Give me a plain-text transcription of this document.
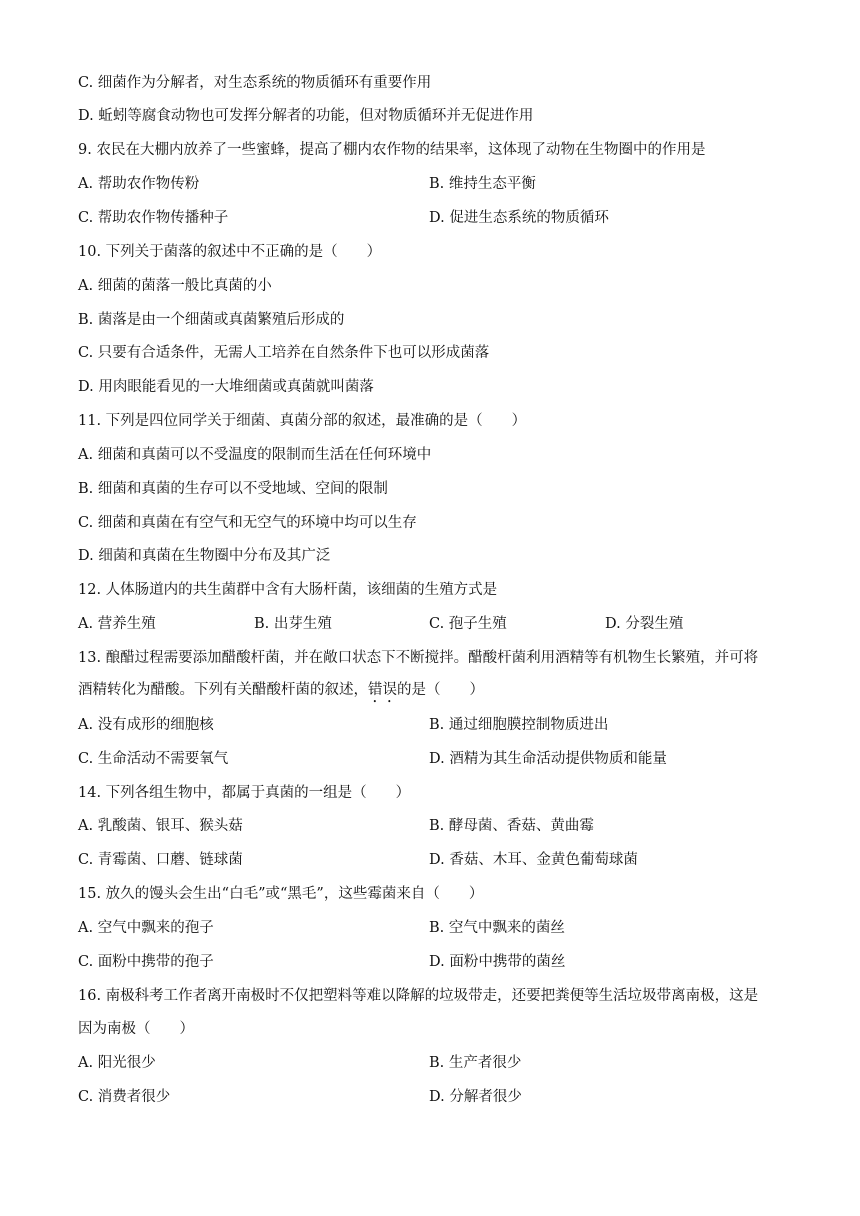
C. 细菌作为分解者，对生态系统的物质循环有重要作用
D. 蚯蚓等腐食动物也可发挥分解者的功能，但对物质循环并无促进作用
9. 农民在大棚内放养了一些蜜蜂，提高了棚内农作物的结果率，这体现了动物在生物圈中的作用是
A. 帮助农作物传粉	B. 维持生态平衡
C. 帮助农作物传播种子	D. 促进生态系统的物质循环
10. 下列关于菌落的叙述中不正确的是（　　）
A. 细菌的菌落一般比真菌的小
B. 菌落是由一个细菌或真菌繁殖后形成的
C. 只要有合适条件，无需人工培养在自然条件下也可以形成菌落
D. 用肉眼能看见的一大堆细菌或真菌就叫菌落
11. 下列是四位同学关于细菌、真菌分部的叙述，最准确的是（　　）
A. 细菌和真菌可以不受温度的限制而生活在任何环境中
B. 细菌和真菌的生存可以不受地域、空间的限制
C. 细菌和真菌在有空气和无空气的环境中均可以生存
D. 细菌和真菌在生物圈中分布及其广泛
12. 人体肠道内的共生菌群中含有大肠杆菌，该细菌的生殖方式是
A. 营养生殖	B. 出芽生殖	C. 孢子生殖	D. 分裂生殖
13. 酿醋过程需要添加醋酸杆菌，并在敞口状态下不断搅拌。醋酸杆菌利用酒精等有机物生长繁殖，并可将
酒精转化为醋酸。下列有关醋酸杆菌的叙述，错误的是（　　）
A. 没有成形的细胞核	B. 通过细胞膜控制物质进出
C. 生命活动不需要氧气	D. 酒精为其生命活动提供物质和能量
14. 下列各组生物中，都属于真菌的一组是（　　）
A. 乳酸菌、银耳、猴头菇	B. 酵母菌、香菇、黄曲霉
C. 青霉菌、口蘑、链球菌	D. 香菇、木耳、金黄色葡萄球菌
15. 放久的馒头会生出“白毛”或“黑毛”，这些霉菌来自（　　）
A. 空气中飘来的孢子	B. 空气中飘来的菌丝
C. 面粉中携带的孢子	D. 面粉中携带的菌丝
16. 南极科考工作者离开南极时不仅把塑料等难以降解的垃圾带走，还要把粪便等生活垃圾带离南极，这是
因为南极（　　）
A. 阳光很少	B. 生产者很少
C. 消费者很少	D. 分解者很少
